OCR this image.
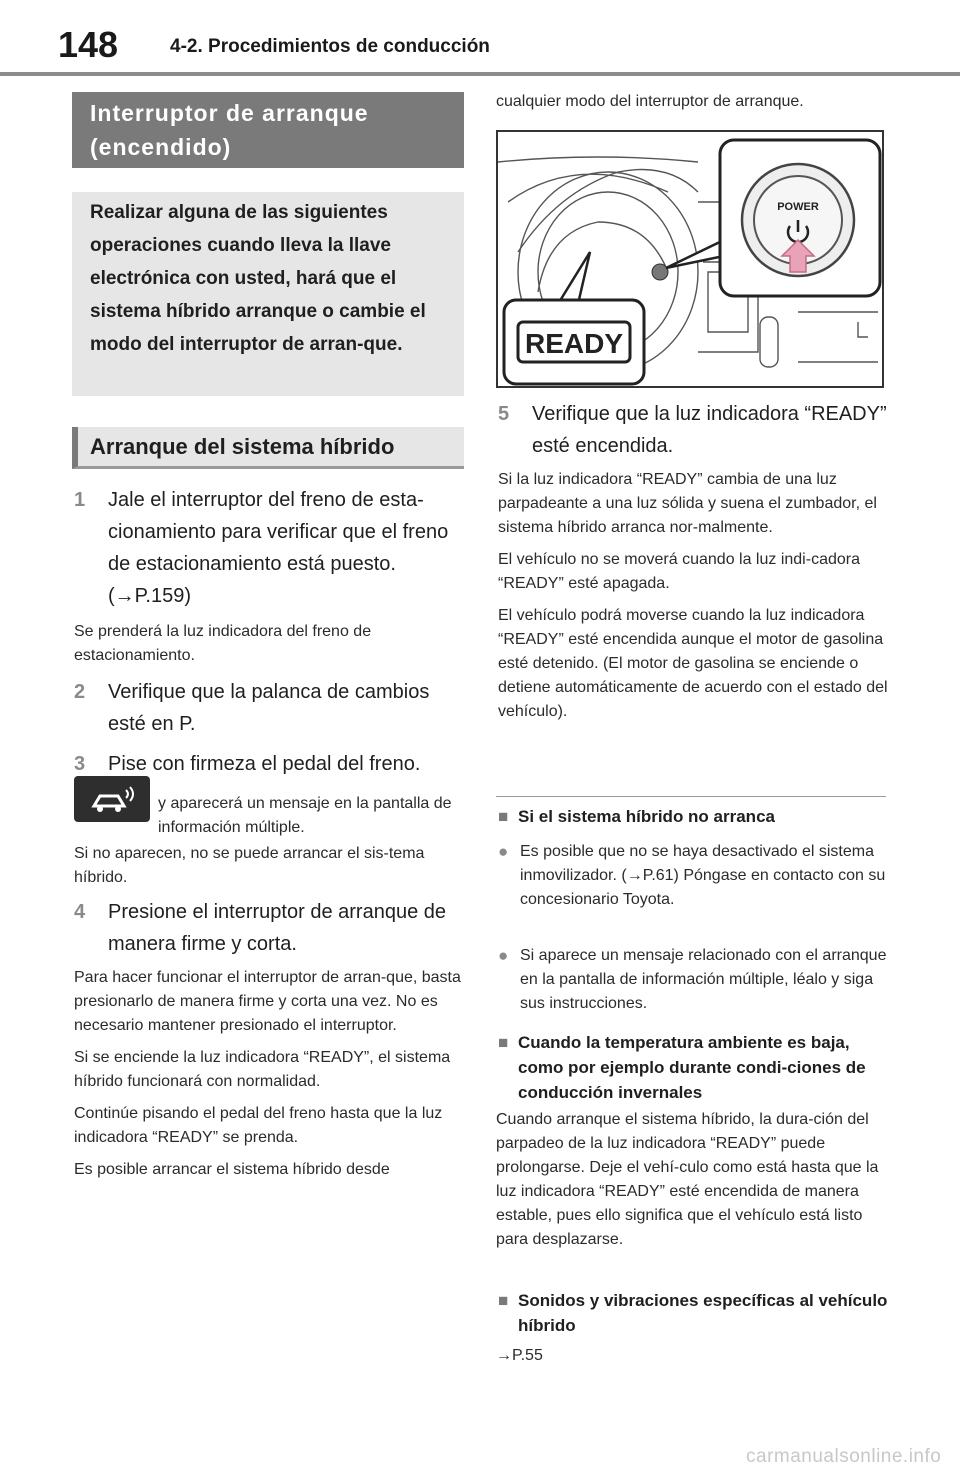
148	4-2. Procedimientos de conducción
Interruptor de arranque (encendido)
Realizar alguna de las siguientes operaciones cuando lleva la llave electrónica con usted, hará que el sistema híbrido arranque o cambie el modo del interruptor de arran-que.
Arranque del sistema híbrido
1 Jale el interruptor del freno de esta-cionamiento para verificar que el freno de estacionamiento está puesto. (→P.159)
Se prenderá la luz indicadora del freno de estacionamiento.
2 Verifique que la palanca de cambios esté en P.
3 Pise con firmeza el pedal del freno.
y aparecerá un mensaje en la pantalla de información múltiple.
Si no aparecen, no se puede arrancar el sis-tema híbrido.
4 Presione el interruptor de arranque de manera firme y corta.

Para hacer funcionar el interruptor de arran-que, basta presionarlo de manera firme y corta una vez. No es necesario mantener presionado el interruptor.

Si se enciende la luz indicadora “READY”, el sistema híbrido funcionará con normalidad.

Continúe pisando el pedal del freno hasta que la luz indicadora “READY” se prenda.

Es posible arrancar el sistema híbrido desde

cualquier modo del interruptor de arranque.
POWER
READY
5 Verifique que la luz indicadora “READY” esté encendida.

Si la luz indicadora “READY” cambia de una luz parpadeante a una luz sólida y suena el zumbador, el sistema híbrido arranca nor-malmente.

El vehículo no se moverá cuando la luz indi-cadora “READY” esté apagada.

El vehículo podrá moverse cuando la luz indicadora “READY” esté encendida aunque el motor de gasolina esté detenido. (El motor de gasolina se enciende o detiene automáticamente de acuerdo con el estado del vehículo).

■ Si el sistema híbrido no arranca
● Es posible que no se haya desactivado el sistema inmovilizador. (→P.61) Póngase en contacto con su concesionario Toyota.
● Si aparece un mensaje relacionado con el arranque en la pantalla de información múltiple, léalo y siga sus instrucciones.
■ Cuando la temperatura ambiente es baja, como por ejemplo durante condi-ciones de conducción invernales
Cuando arranque el sistema híbrido, la dura-ción del parpadeo de la luz indicadora “READY” puede prolongarse. Deje el vehí-culo como está hasta que la luz indicadora “READY” esté encendida de manera estable, pues ello significa que el vehículo está listo para desplazarse.
■ Sonidos y vibraciones específicas al vehículo híbrido
→P.55
carmanualsonline.info
